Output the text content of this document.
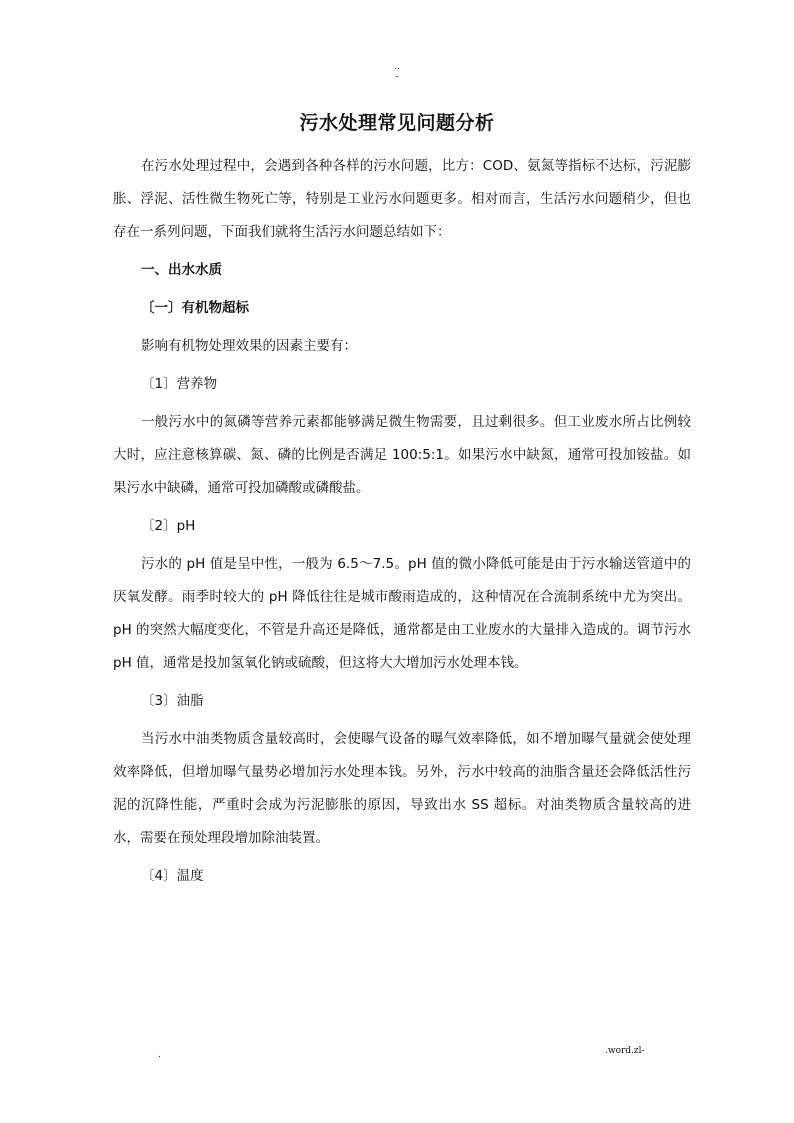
..
-
污水处理常见问题分析

在污水处理过程中，会遇到各种各样的污水问题，比方：COD、氨氮等指标不达标，污泥膨胀、浮泥、活性微生物死亡等，特别是工业污水问题更多。相对而言，生活污水问题稍少，但也存在一系列问题，下面我们就将生活污水问题总结如下：

一、出水水质

〔一〕有机物超标

影响有机物处理效果的因素主要有：

〔1〕营养物

一般污水中的氮磷等营养元素都能够满足微生物需要，且过剩很多。但工业废水所占比例较大时，应注意核算碳、氮、磷的比例是否满足 100:5:1。如果污水中缺氮，通常可投加铵盐。如果污水中缺磷，通常可投加磷酸或磷酸盐。

〔2〕pH

污水的 pH 值是呈中性，一般为 6.5～7.5。pH 值的微小降低可能是由于污水输送管道中的厌氧发酵。雨季时较大的 pH 降低往往是城市酸雨造成的，这种情况在合流制系统中尤为突出。pH 的突然大幅度变化，不管是升高还是降低，通常都是由工业废水的大量排入造成的。调节污水 pH 值，通常是投加氢氧化钠或硫酸，但这将大大增加污水处理本钱。

〔3〕油脂

当污水中油类物质含量较高时，会使曝气设备的曝气效率降低，如不增加曝气量就会使处理效率降低，但增加曝气量势必增加污水处理本钱。另外，污水中较高的油脂含量还会降低活性污泥的沉降性能，严重时会成为污泥膨胀的原因，导致出水 SS 超标。对油类物质含量较高的进水，需要在预处理段增加除油装置。

〔4〕温度

.	.word.zl-
